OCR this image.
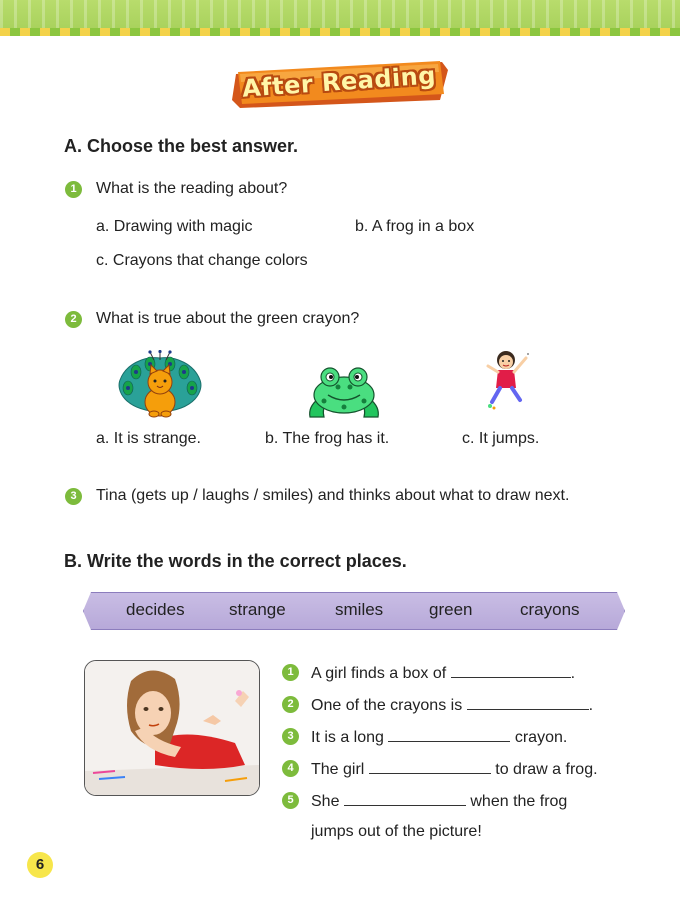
After Reading
A. Choose the best answer.
1	What is the reading about?
a. Drawing with magic	b. A frog in a box
c. Crayons that change colors
2	What is true about the green crayon?
a. It is strange.	b. The frog has it.	c. It jumps.
3	Tina (gets up / laughs / smiles) and thinks about what to draw next.
B. Write the words in the correct places.
decides	strange	smiles	green	crayons
1	A girl finds a box of	.
2	One of the crayons is	.
3	It is a long	crayon.
4	The girl	to draw a frog.
5	She	when the frog
jumps out of the picture!
6
